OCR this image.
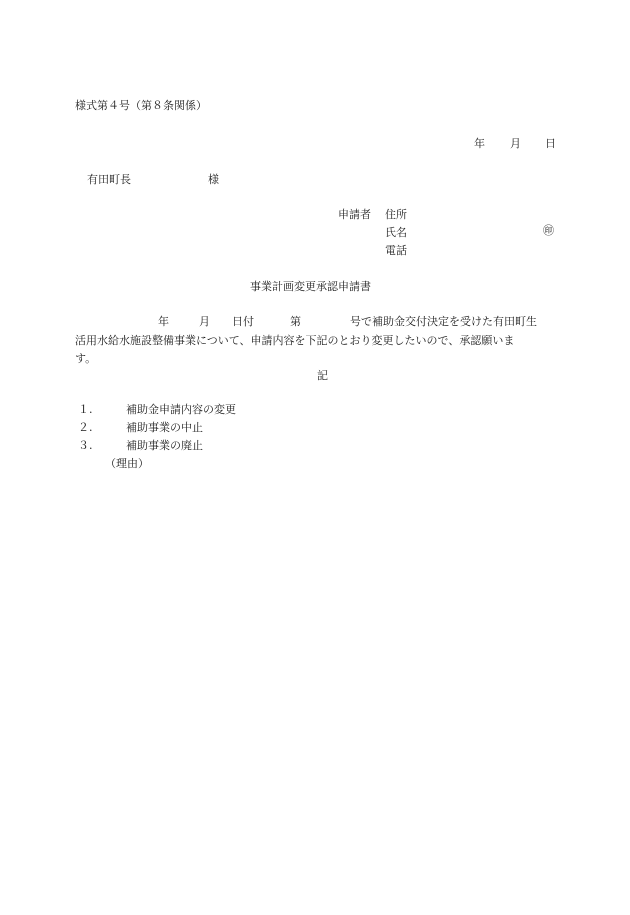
様式第４号（第８条関係）
年 月 日
有田町長	様
申請者 住所
氏名	㊞
電話
事業計画変更承認申請書
年	月 日付	第	号で補助金交付決定を受けた有田町生
活用水給水施設整備事業について、申請内容を下記のとおり変更したいので、承認願いま
す。
記
１.	補助金申請内容の変更
２.	補助事業の中止
３.	補助事業の廃止
（理由）
